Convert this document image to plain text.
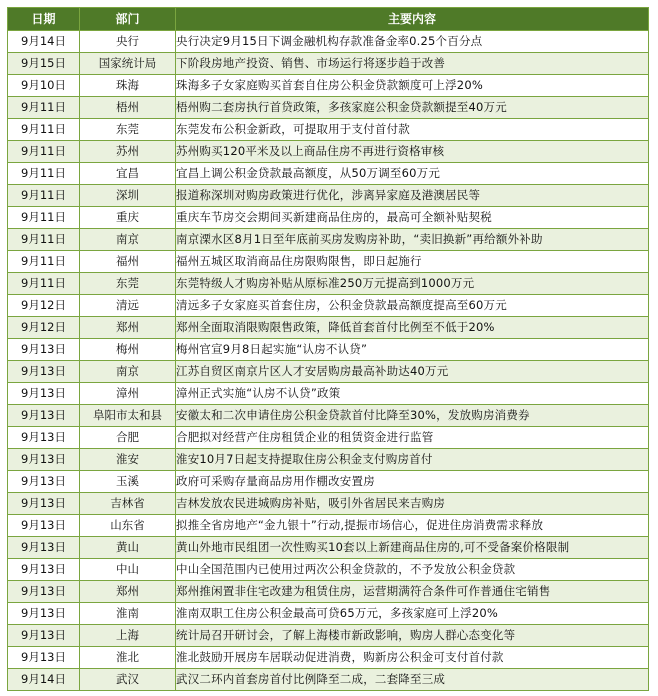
日期	部门	主要内容
9月14日	央行	央行决定9月15日下调金融机构存款准备金率0.25个百分点
9月15日	国家统计局	下阶段房地产投资、销售、市场运行将逐步趋于改善
9月10日	珠海	珠海多子女家庭购买首套自住房公积金贷款额度可上浮20%
9月11日	梧州	梧州购二套房执行首贷政策，多孩家庭公积金贷款额提至40万元
9月11日	东莞	东莞发布公积金新政，可提取用于支付首付款
9月11日	苏州	苏州购买120平米及以上商品住房不再进行资格审核
9月11日	宜昌	宜昌上调公积金贷款最高额度，从50万调至60万元
9月11日	深圳	报道称深圳对购房政策进行优化，涉离异家庭及港澳居民等
9月11日	重庆	重庆车节房交会期间买新建商品住房的，最高可全额补贴契税
9月11日	南京	南京溧水区8月1日至年底前买房发购房补助，“卖旧换新”再给额外补助
9月11日	福州	福州五城区取消商品住房限购限售，即日起施行
9月11日	东莞	东莞特级人才购房补贴从原标准250万元提高到1000万元
9月12日	清远	清远多子女家庭买首套住房，公积金贷款最高额度提高至60万元
9月12日	郑州	郑州全面取消限购限售政策，降低首套首付比例至不低于20%
9月13日	梅州	梅州官宣9月8日起实施“认房不认贷”
9月13日	南京	江苏自贸区南京片区人才安居购房最高补助达40万元
9月13日	漳州	漳州正式实施“认房不认贷”政策
9月13日	阜阳市太和县	安徽太和二次申请住房公积金贷款首付比降至30%，发放购房消费券
9月13日	合肥	合肥拟对经营产住房租赁企业的租赁资金进行监管
9月13日	淮安	淮安10月7日起支持提取住房公积金支付购房首付
9月13日	玉溪	政府可采购存量商品房用作棚改安置房
9月13日	吉林省	吉林发放农民进城购房补贴，吸引外省居民来吉购房
9月13日	山东省	拟推全省房地产“金九银十”行动,提振市场信心，促进住房消费需求释放
9月13日	黄山	黄山外地市民组团一次性购买10套以上新建商品住房的,可不受备案价格限制
9月13日	中山	中山全国范围内已使用过两次公积金贷款的，不予发放公积金贷款
9月13日	郑州	郑州推闲置非住宅改建为租赁住房，运营期满符合条件可作普通住宅销售
9月13日	淮南	淮南双职工住房公积金最高可贷65万元，多孩家庭可上浮20%
9月13日	上海	统计局召开研讨会，了解上海楼市新政影响，购房人群心态变化等
9月13日	淮北	淮北鼓励开展房车居联动促进消费，购新房公积金可支付首付款
9月14日	武汉	武汉二环内首套房首付比例降至二成，二套降至三成
